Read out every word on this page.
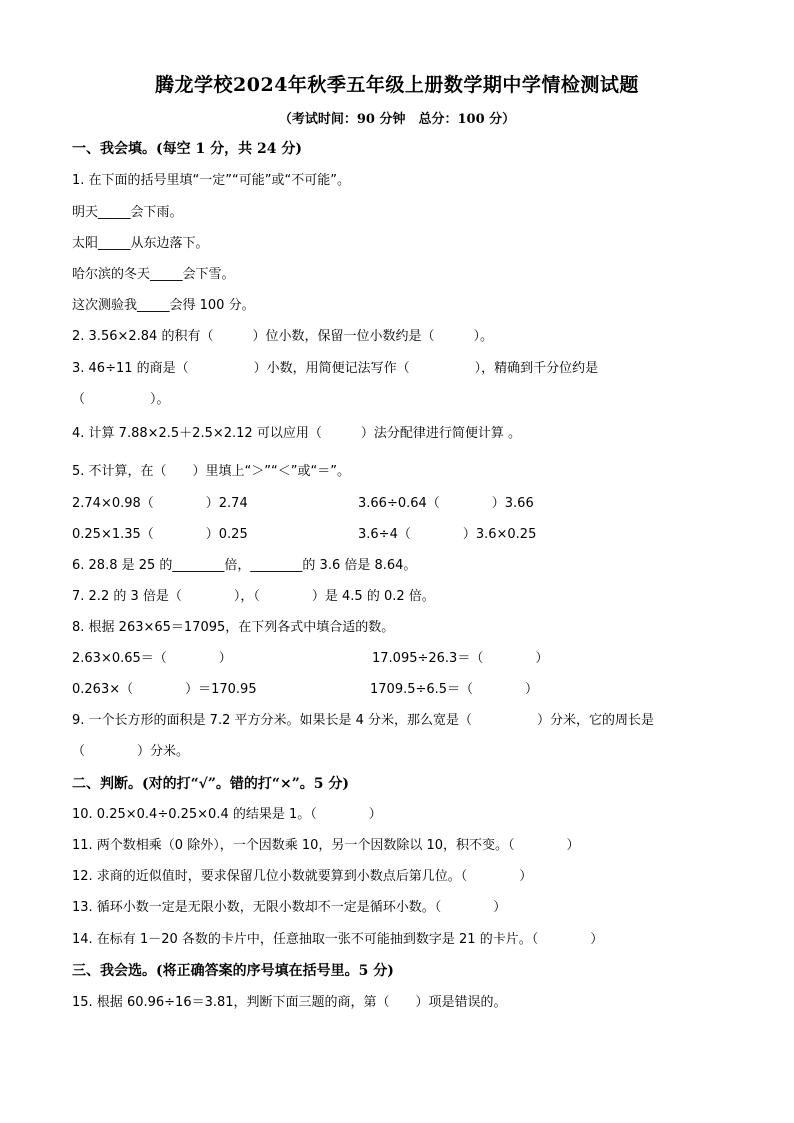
腾龙学校2024年秋季五年级上册数学期中学情检测试题
（考试时间：90 分钟　总分：100 分）
一、我会填。(每空 1 分，共 24 分)
1. 在下面的括号里填“一定”“可能”或“不可能”。
明天_____会下雨。
太阳_____从东边落下。
哈尔滨的冬天_____会下雪。
这次测验我_____会得 100 分。
2. 3.56×2.84 的积有（　　　）位小数，保留一位小数约是（　　　）。
3. 46÷11 的商是（　　　　　）小数，用简便记法写作（　　　　　），精确到千分位约是
（　　　　　）。
4. 计算 7.88×2.5＋2.5×2.12 可以应用（　　　）法分配律进行简便计算 。
5. 不计算，在（　　）里填上“＞”“＜”或“＝”。
2.74×0.98（　　　　）2.74	3.66÷0.64（　　　　）3.66
0.25×1.35（　　　　）0.25	3.6÷4（　　　　）3.6×0.25
6. 28.8 是 25 的________倍，________的 3.6 倍是 8.64。
7. 2.2 的 3 倍是（　　　　），（　　　　）是 4.5 的 0.2 倍。
8. 根据 263×65＝17095，在下列各式中填合适的数。
2.63×0.65＝（　　　　）	17.095÷26.3＝（　　　　）
0.263×（　　　　）＝170.95	1709.5÷6.5＝（　　　　）
9. 一个长方形的面积是 7.2 平方分米。如果长是 4 分米，那么宽是（　　　　　）分米，它的周长是
（　　　　）分米。
二、判断。(对的打“√”。错的打“×”。5 分)
10. 0.25×0.4÷0.25×0.4 的结果是 1。（　　　　）
11. 两个数相乘（0 除外），一个因数乘 10，另一个因数除以 10，积不变。（　　　　）
12. 求商的近似值时，要求保留几位小数就要算到小数点后第几位。（　　　　）
13. 循环小数一定是无限小数，无限小数却不一定是循环小数。（　　　　）
14. 在标有 1－20 各数的卡片中，任意抽取一张不可能抽到数字是 21 的卡片。（　　　　）
三、我会选。(将正确答案的序号填在括号里。5 分)
15. 根据 60.96÷16＝3.81，判断下面三题的商，第（　　）项是错误的。
